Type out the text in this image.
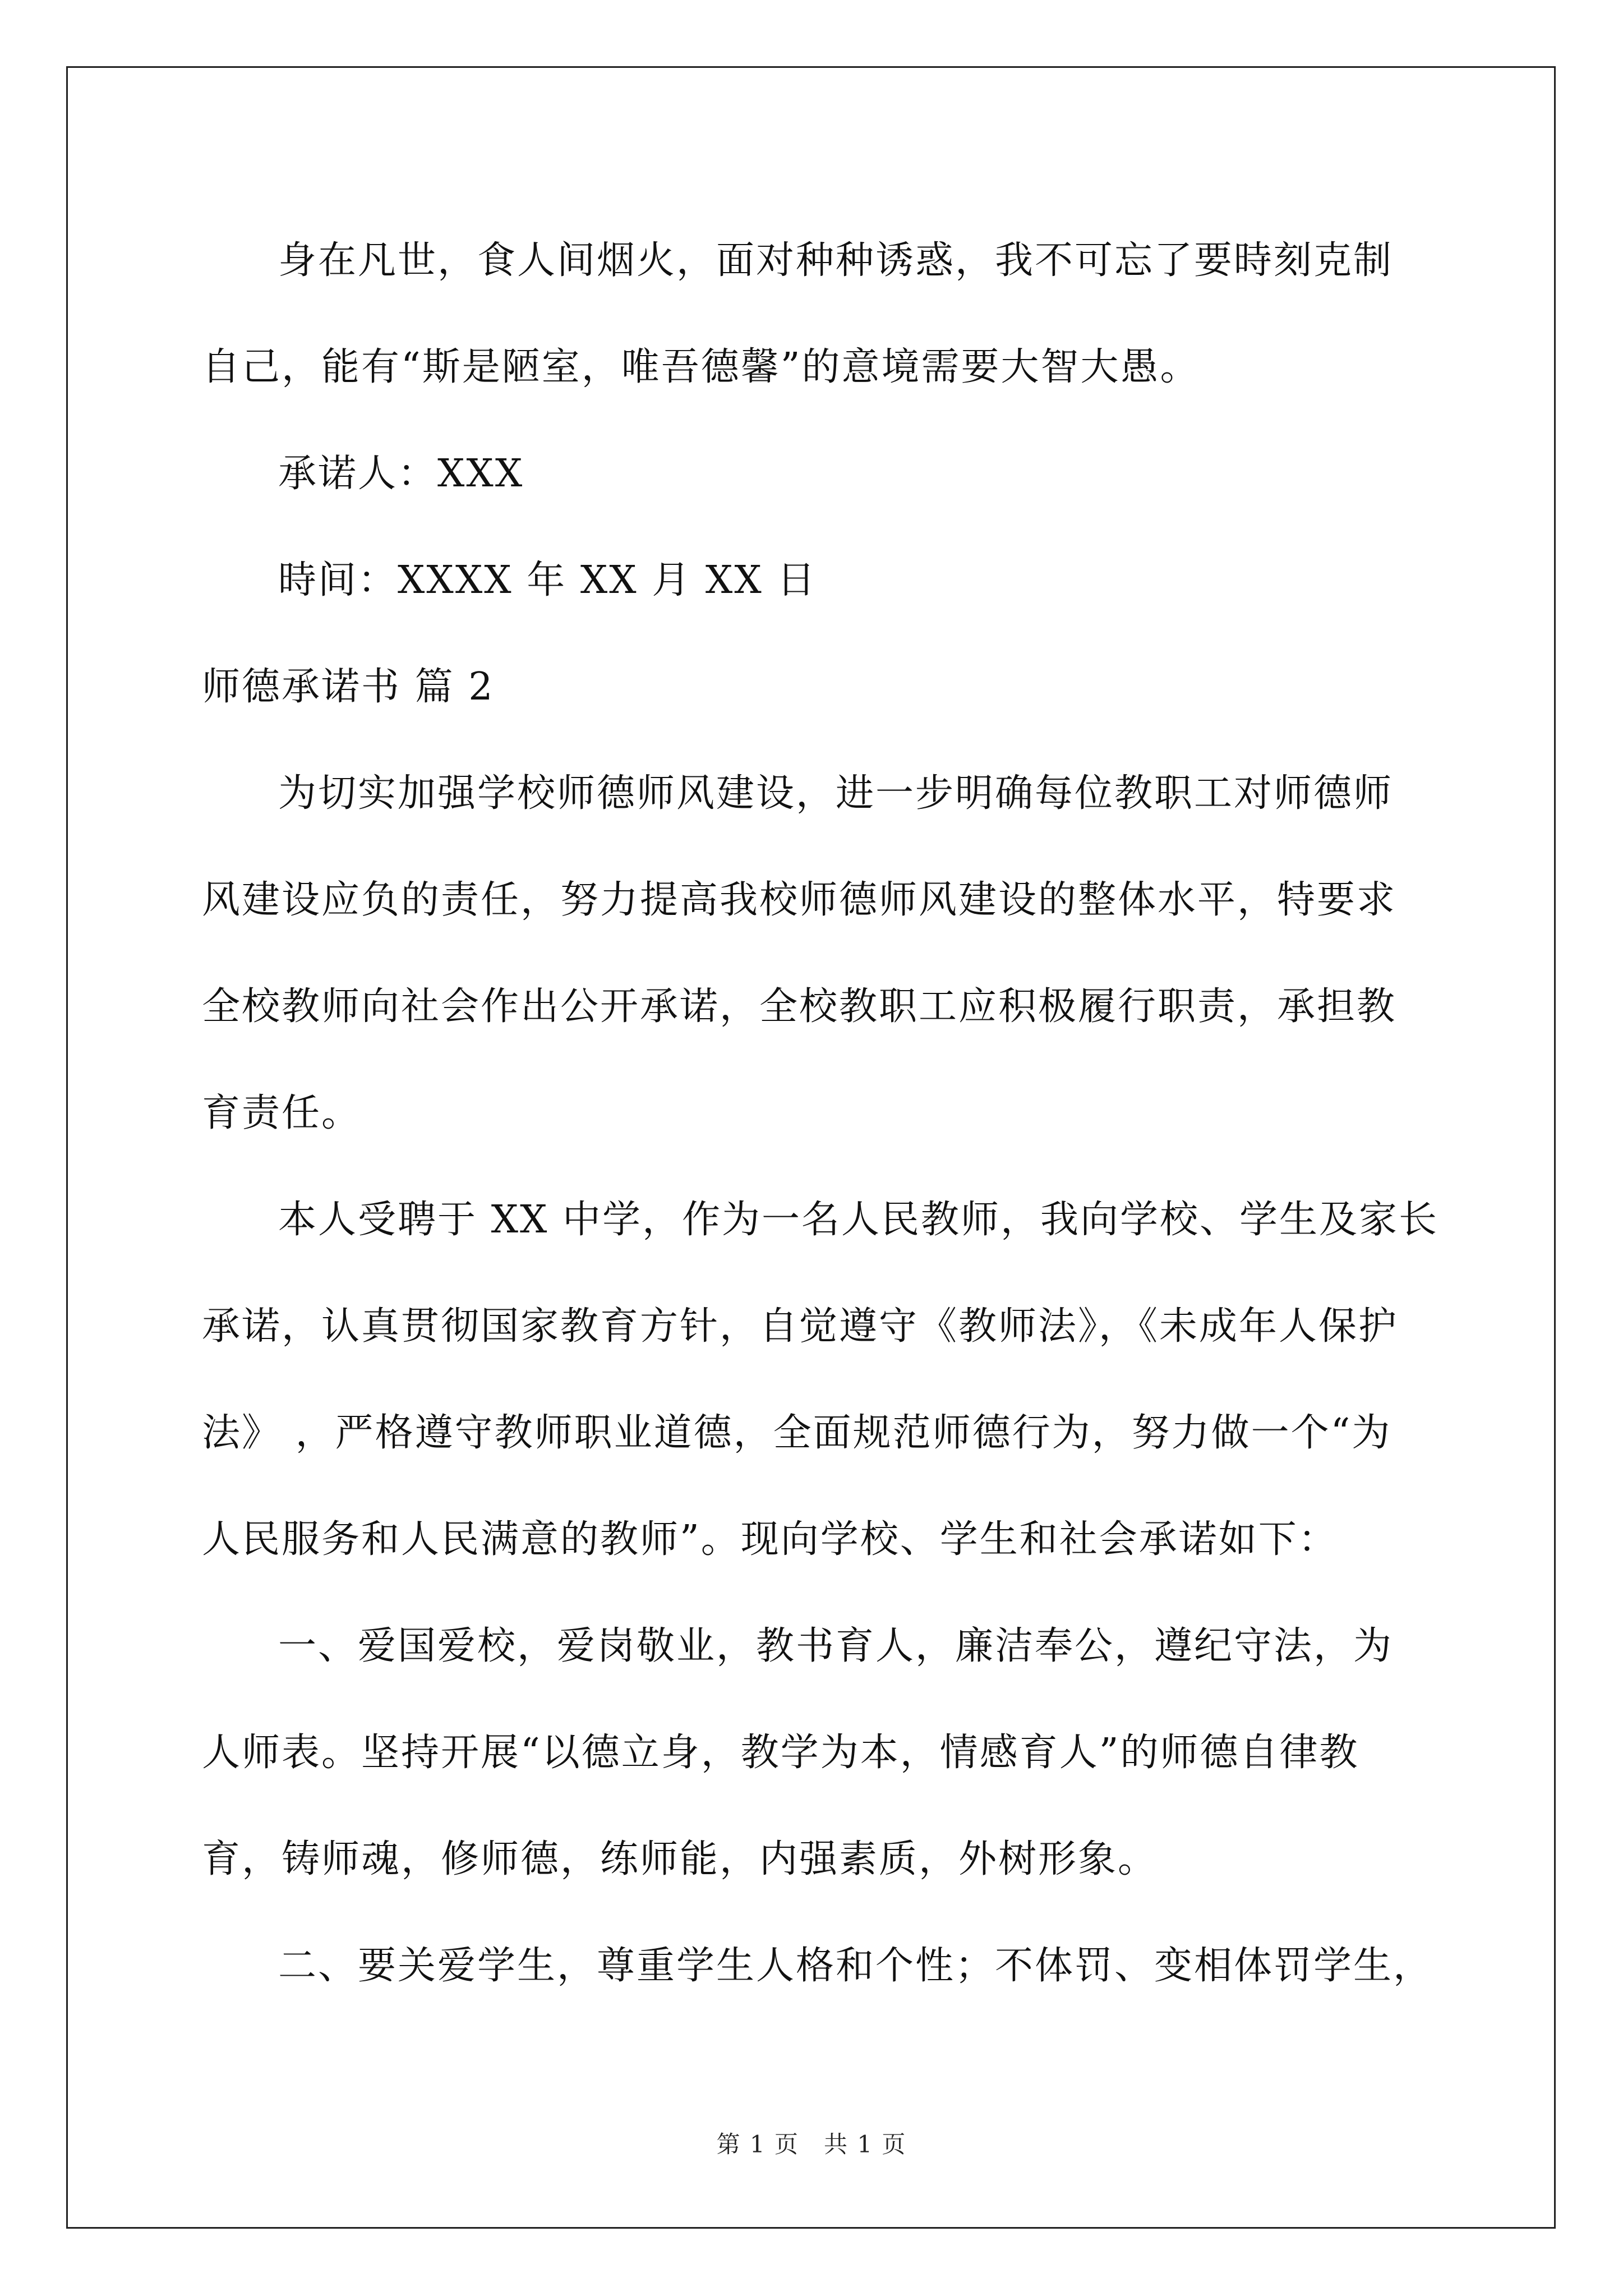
身在凡世，食人间烟火，面对种种诱惑，我不可忘了要時刻克制
自己，能有“斯是陋室，唯吾德馨”的意境需要大智大愚。
承诺人：XXX
時间：XXXX 年 XX 月 XX 日
师德承诺书 篇 2
为切实加强学校师德师风建设，进一步明确每位教职工对师德师
风建设应负的责任，努力提高我校师德师风建设的整体水平，特要求
全校教师向社会作出公开承诺，全校教职工应积极履行职责，承担教
育责任。
本人受聘于 XX 中学，作为一名人民教师，我向学校、学生及家长
承诺，认真贯彻国家教育方针，自觉遵守《教师法》，《未成年人保护
法》 ，严格遵守教师职业道德，全面规范师德行为，努力做一个“为
人民服务和人民满意的教师”。现向学校、学生和社会承诺如下：
一、爱国爱校，爱岗敬业，教书育人，廉洁奉公，遵纪守法，为
人师表。坚持开展“以德立身，教学为本，情感育人”的师德自律教
育，铸师魂，修师德，练师能，内强素质，外树形象。
二、要关爱学生，尊重学生人格和个性；不体罚、变相体罚学生，
第 1 页　共 1 页
